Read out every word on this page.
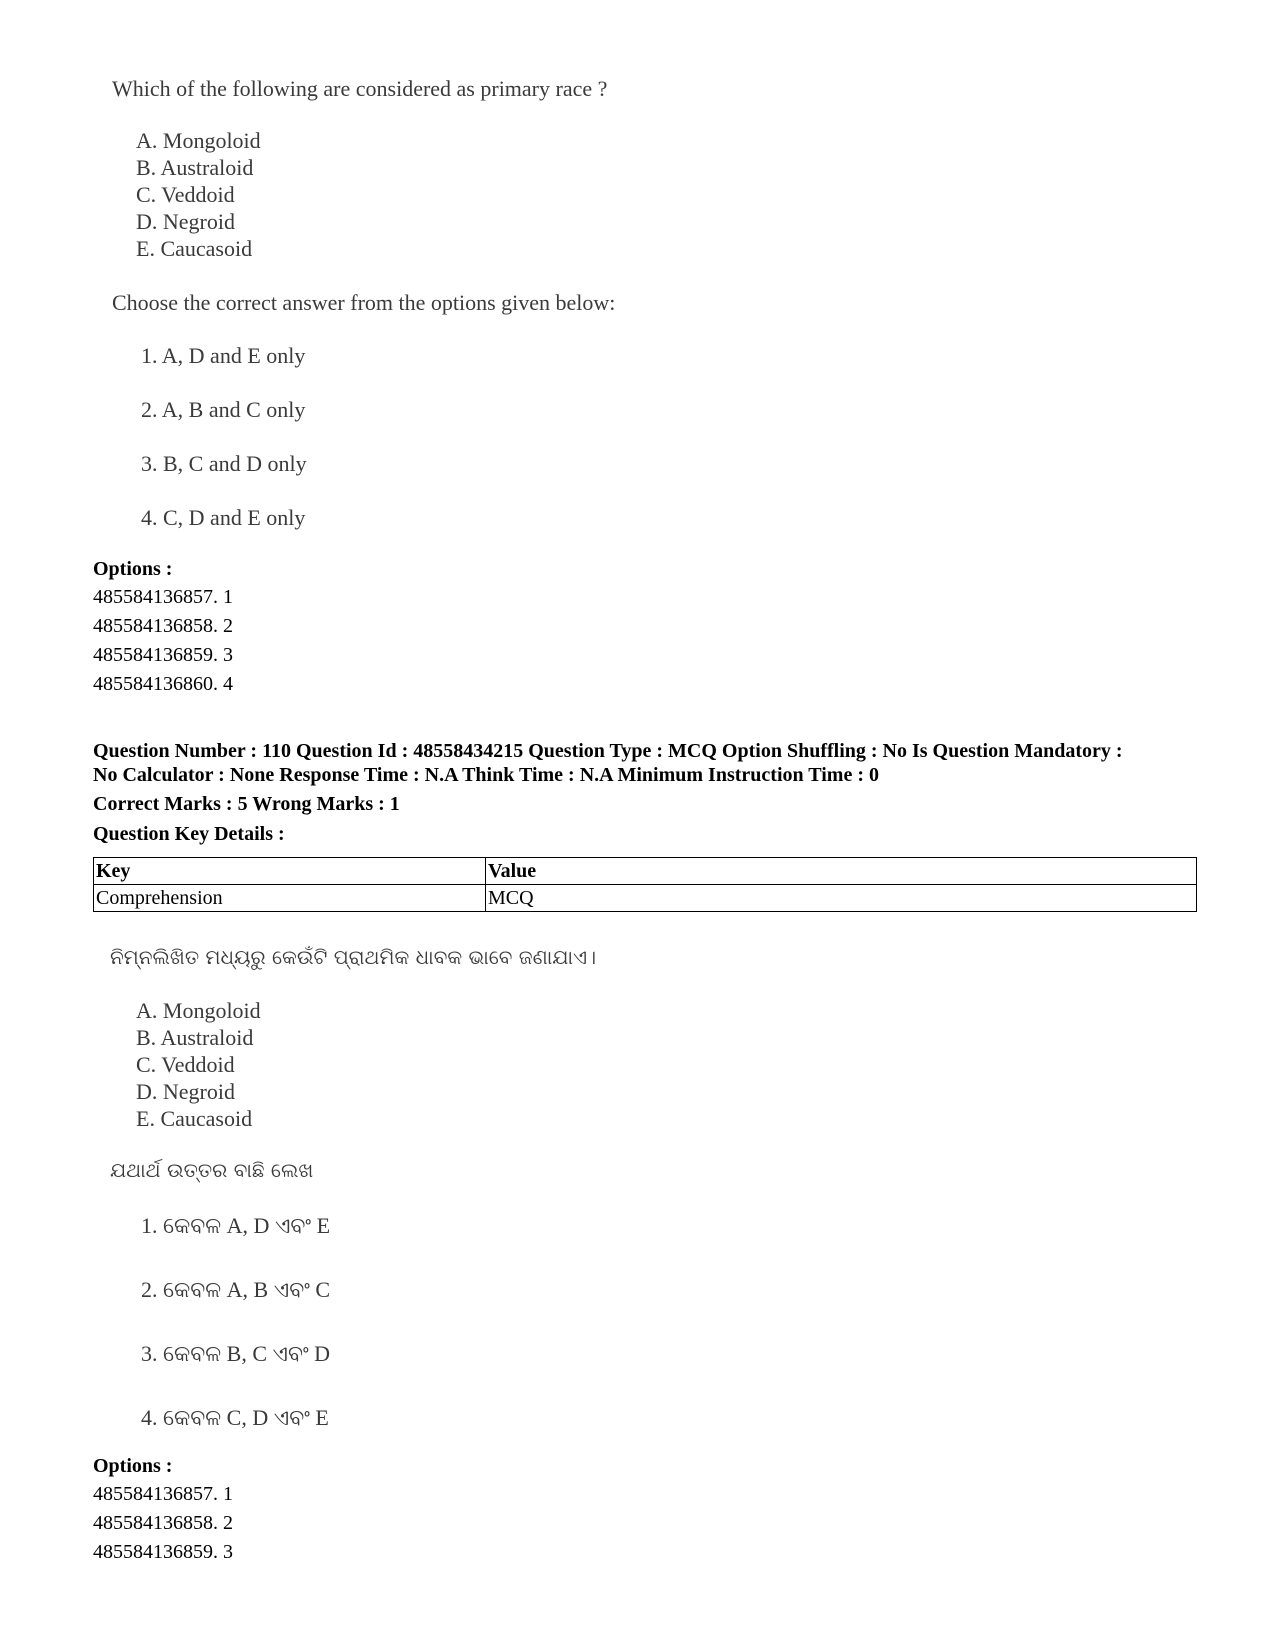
Which of the following are considered as primary race ?
A. Mongoloid
B. Australoid
C. Veddoid
D. Negroid
E. Caucasoid
Choose the correct answer from the options given below:
1. A, D and E only
2. A, B and C only
3. B, C and D only
4. C, D and E only
Options :
485584136857. 1
485584136858. 2
485584136859. 3
485584136860. 4
Question Number : 110 Question Id : 48558434215 Question Type : MCQ Option Shuffling : No Is Question Mandatory :
No Calculator : None Response Time : N.A Think Time : N.A Minimum Instruction Time : 0
Correct Marks : 5 Wrong Marks : 1
Question Key Details :
Key	Value
Comprehension	MCQ
ନିମ୍ନଲିଖିତ ମଧ୍ୟରୁ କେଉଁଟି ପ୍ରାଥମିକ ଧାବକ ଭାବେ ଜଣାଯାଏ।
A. Mongoloid
B. Australoid
C. Veddoid
D. Negroid
E. Caucasoid
ଯଥାର୍ଥ ଉତ୍ତର ବାଛି ଲେଖ
1. କେବଳ A, D ଏବଂ E
2. କେବଳ A, B ଏବଂ C
3. କେବଳ B, C ଏବଂ D
4. କେବଳ C, D ଏବଂ E
Options :
485584136857. 1
485584136858. 2
485584136859. 3
